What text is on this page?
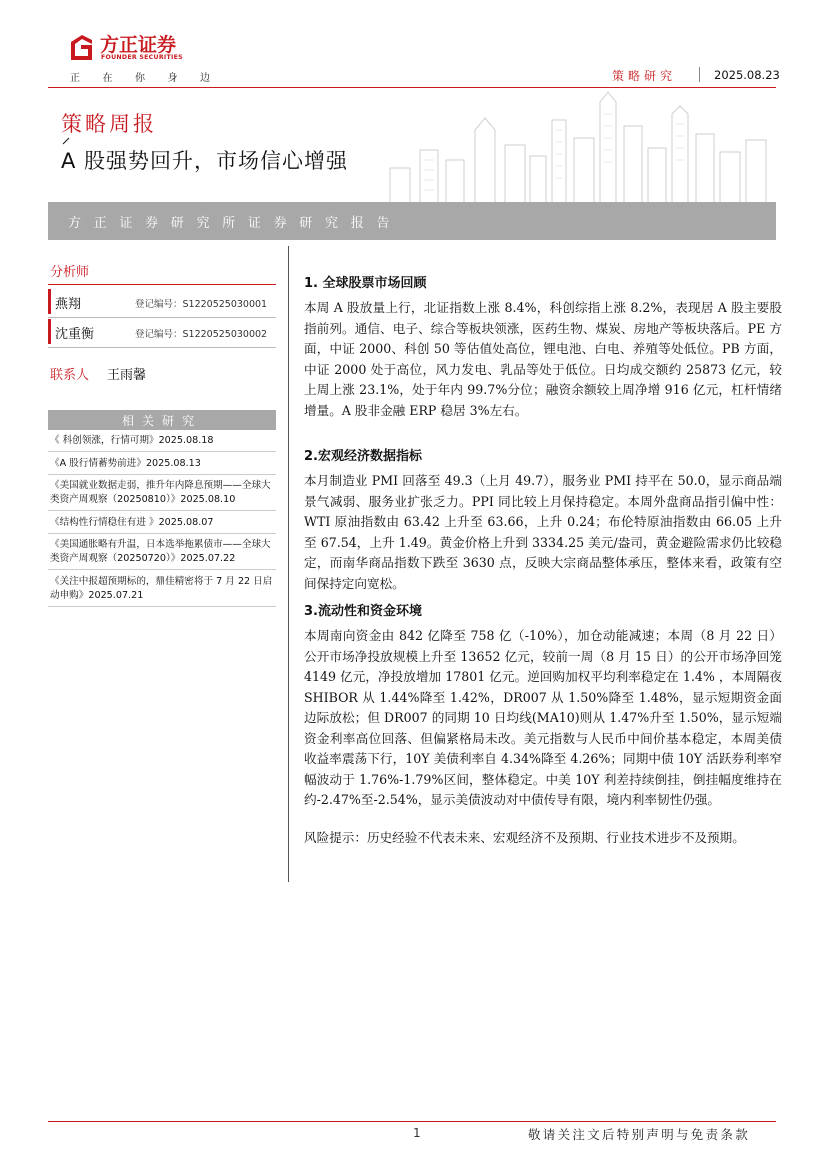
方正证券
FOUNDER SECURITIES
正在你身边	策略研究	2025.08.23
策略周报
A 股强势回升，市场信心增强
方正证券研究所证券研究报告
分析师
燕翔	登记编号：S1220525030001
沈重衡	登记编号：S1220525030002
联系人 王雨馨
相关研究
《 科创领涨，行情可期》2025.08.18
《A 股行情蓄势前进》2025.08.13
《美国就业数据走弱，推升年内降息预期——全球大类资产周观察（20250810）》2025.08.10
《结构性行情稳住有进 》2025.08.07
《美国通胀略有升温，日本选举拖累债市——全球大类资产周观察（20250720）》2025.07.22
《关注中报超预期标的，鼎佳精密将于 7 月 22 日启动申购》2025.07.21
1. 全球股票市场回顾
本周 A 股放量上行，北证指数上涨 8.4%，科创综指上涨 8.2%，表现居 A 股主要股指前列。通信、电子、综合等板块领涨，医药生物、煤炭、房地产等板块落后。PE 方面，中证 2000、科创 50 等估值处高位，锂电池、白电、养殖等处低位。PB 方面，中证 2000 处于高位，风力发电、乳品等处于低位。日均成交额约 25873 亿元，较上周上涨 23.1%，处于年内 99.7%分位；融资余额较上周净增 916 亿元，杠杆情绪增量。A 股非金融 ERP 稳居 3%左右。
2.宏观经济数据指标
本月制造业 PMI 回落至 49.3（上月 49.7），服务业 PMI 持平在 50.0，显示商品端景气减弱、服务业扩张乏力。PPI 同比较上月保持稳定。本周外盘商品指引偏中性：WTI 原油指数由 63.42 上升至 63.66，上升 0.24；布伦特原油指数由 66.05 上升至 67.54，上升 1.49。黄金价格上升到 3334.25 美元/盎司，黄金避险需求仍比较稳定，而南华商品指数下跌至 3630 点，反映大宗商品整体承压，整体来看，政策有空间保持定向宽松。
3.流动性和资金环境
本周南向资金由 842 亿降至 758 亿（-10%），加仓动能减速；本周（8 月 22 日）公开市场净投放规模上升至 13652 亿元，较前一周（8 月 15 日）的公开市场净回笼 4149 亿元，净投放增加 17801 亿元。逆回购加权平均利率稳定在 1.4% ，本周隔夜 SHIBOR 从 1.44%降至 1.42%，DR007 从 1.50%降至 1.48%，显示短期资金面边际放松；但 DR007 的同期 10 日均线(MA10)则从 1.47%升至 1.50%，显示短端资金利率高位回落、但偏紧格局未改。美元指数与人民币中间价基本稳定，本周美债收益率震荡下行，10Y 美债利率自 4.34%降至 4.26%；同期中债 10Y 活跃券利率窄幅波动于 1.76%-1.79%区间，整体稳定。中美 10Y 利差持续倒挂，倒挂幅度维持在约-2.47%至-2.54%，显示美债波动对中债传导有限，境内利率韧性仍强。
风险提示：历史经验不代表未来、宏观经济不及预期、行业技术进步不及预期。
1	敬请关注文后特别声明与免责条款
